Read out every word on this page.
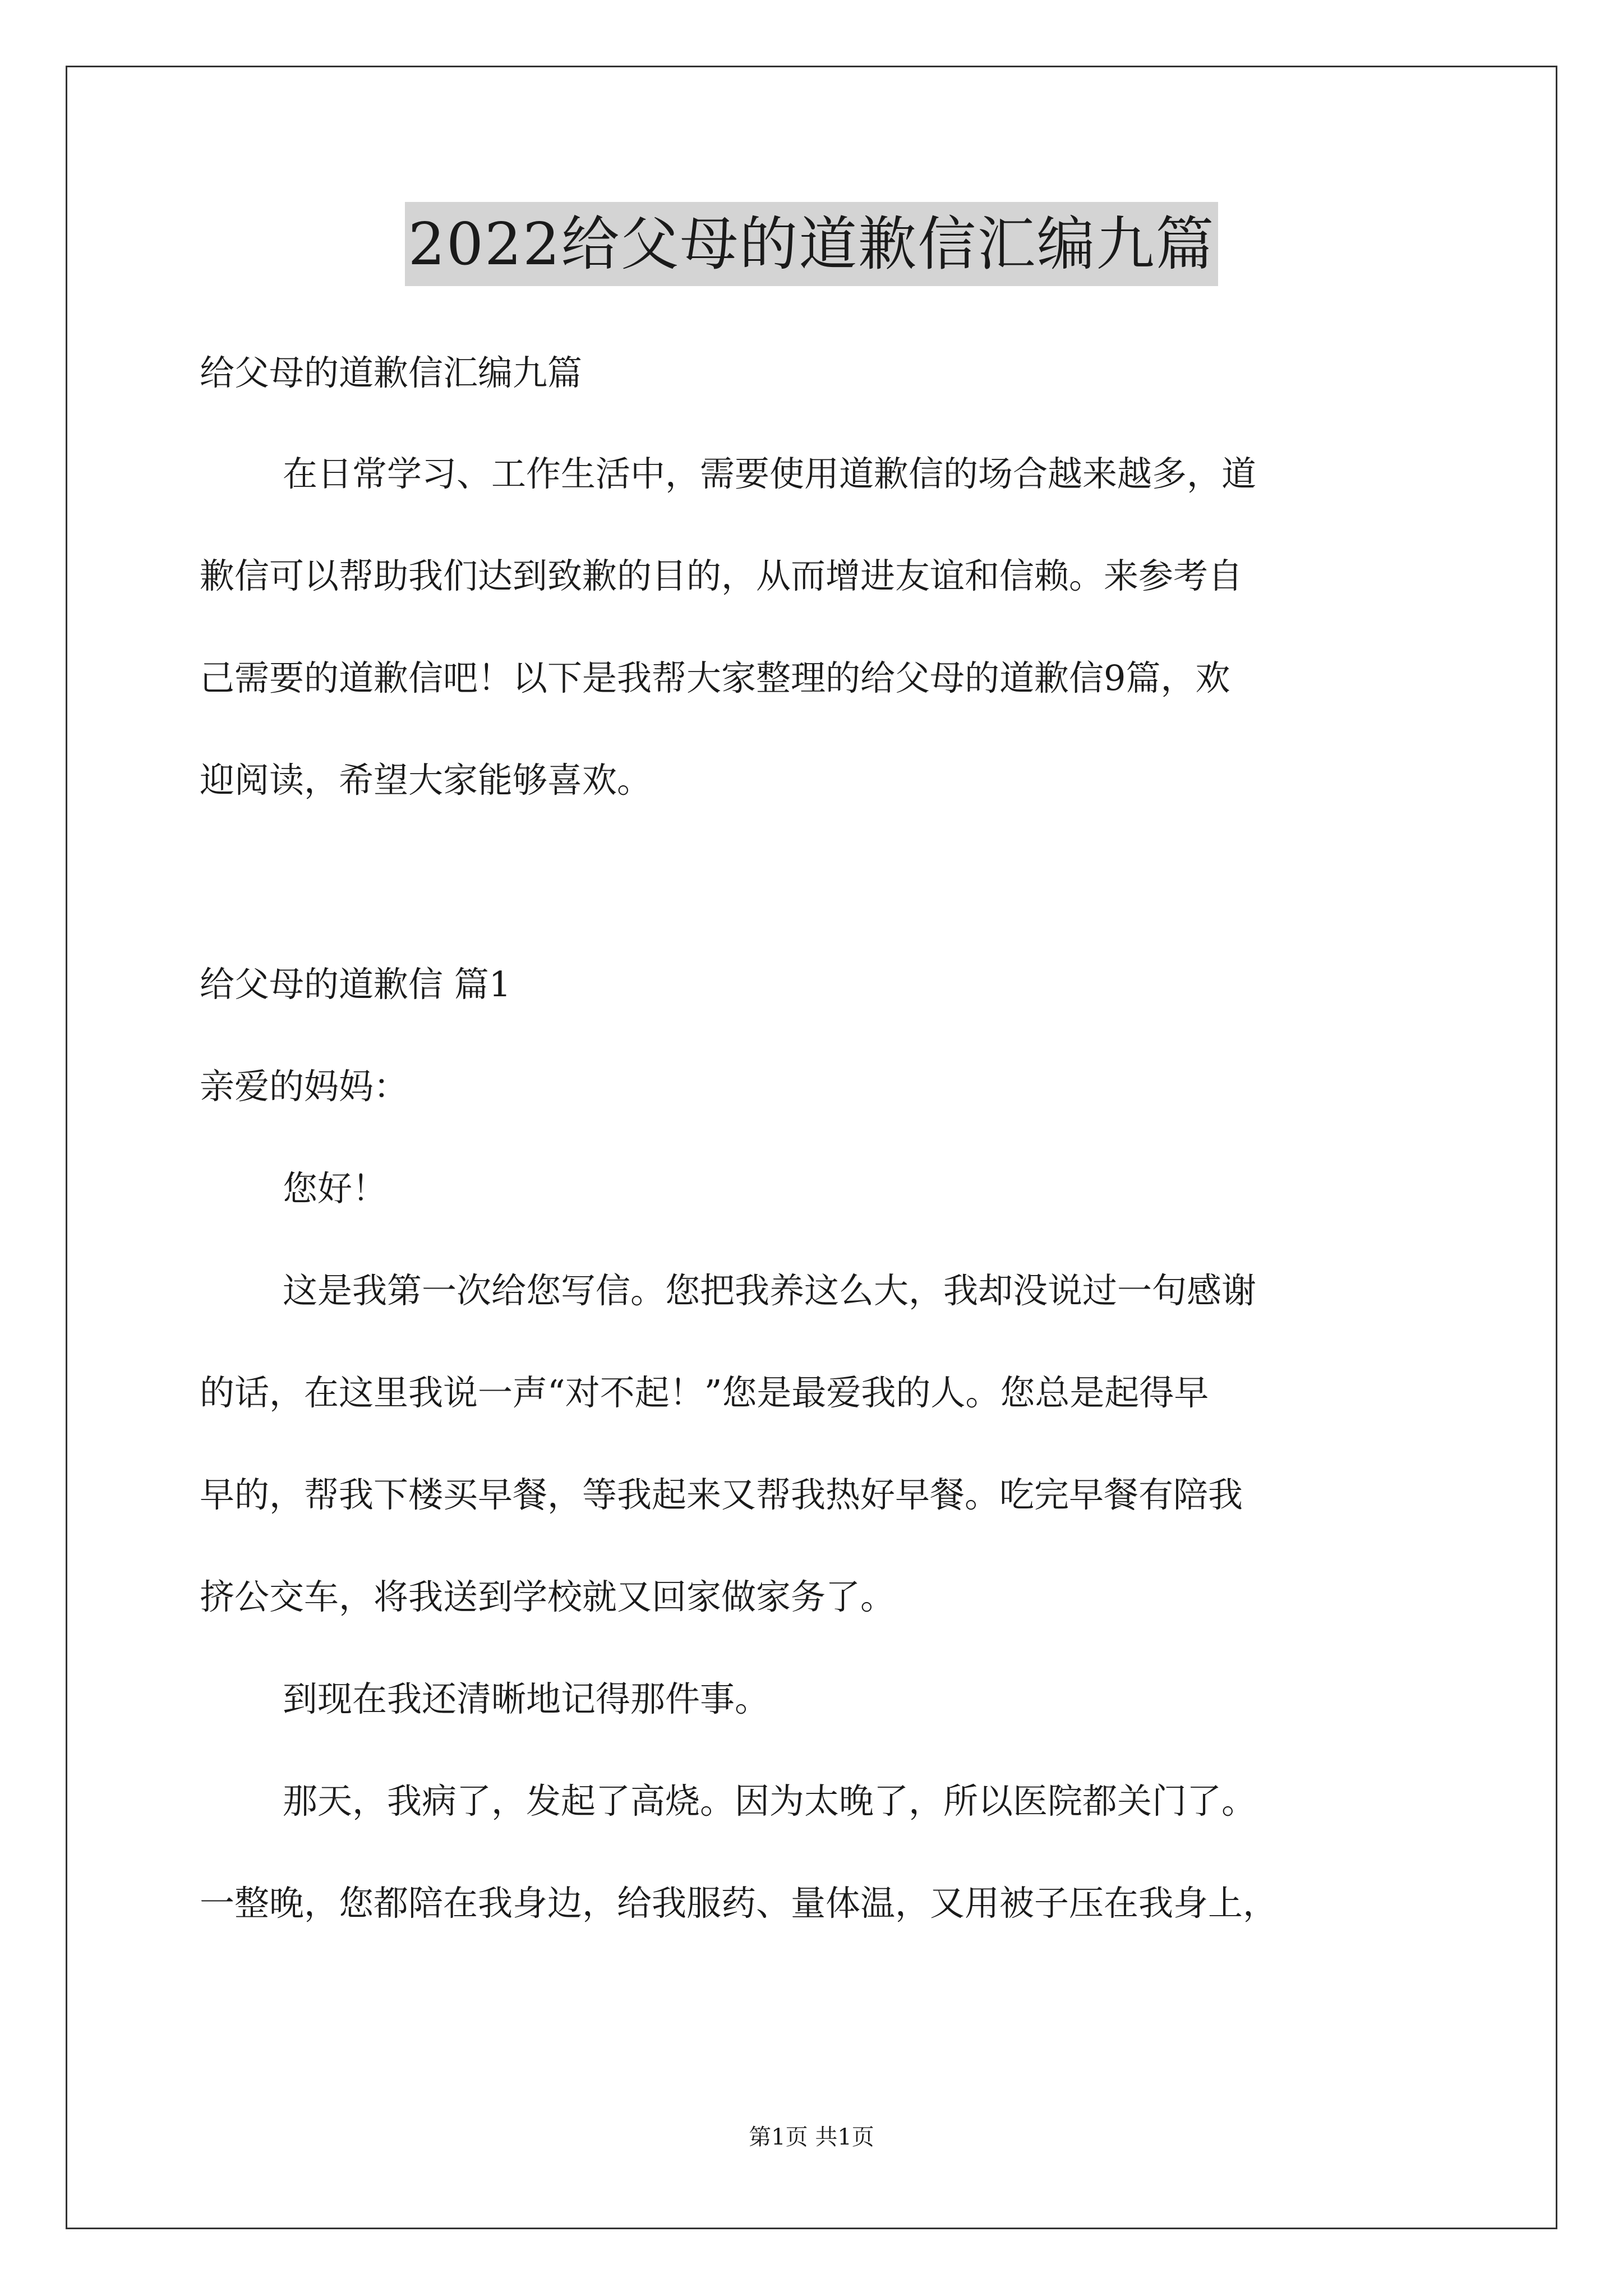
2022给父母的道歉信汇编九篇
给父母的道歉信汇编九篇
在日常学习、工作生活中，需要使用道歉信的场合越来越多，道
歉信可以帮助我们达到致歉的目的，从而增进友谊和信赖。来参考自
己需要的道歉信吧！以下是我帮大家整理的给父母的道歉信9篇，欢
迎阅读，希望大家能够喜欢。
给父母的道歉信 篇1
亲爱的妈妈：
您好！
这是我第一次给您写信。您把我养这么大，我却没说过一句感谢
的话，在这里我说一声“对不起！”您是最爱我的人。您总是起得早
早的，帮我下楼买早餐，等我起来又帮我热好早餐。吃完早餐有陪我
挤公交车，将我送到学校就又回家做家务了。
到现在我还清晰地记得那件事。
那天，我病了，发起了高烧。因为太晚了，所以医院都关门了。
一整晚，您都陪在我身边，给我服药、量体温，又用被子压在我身上，
第1页 共1页
